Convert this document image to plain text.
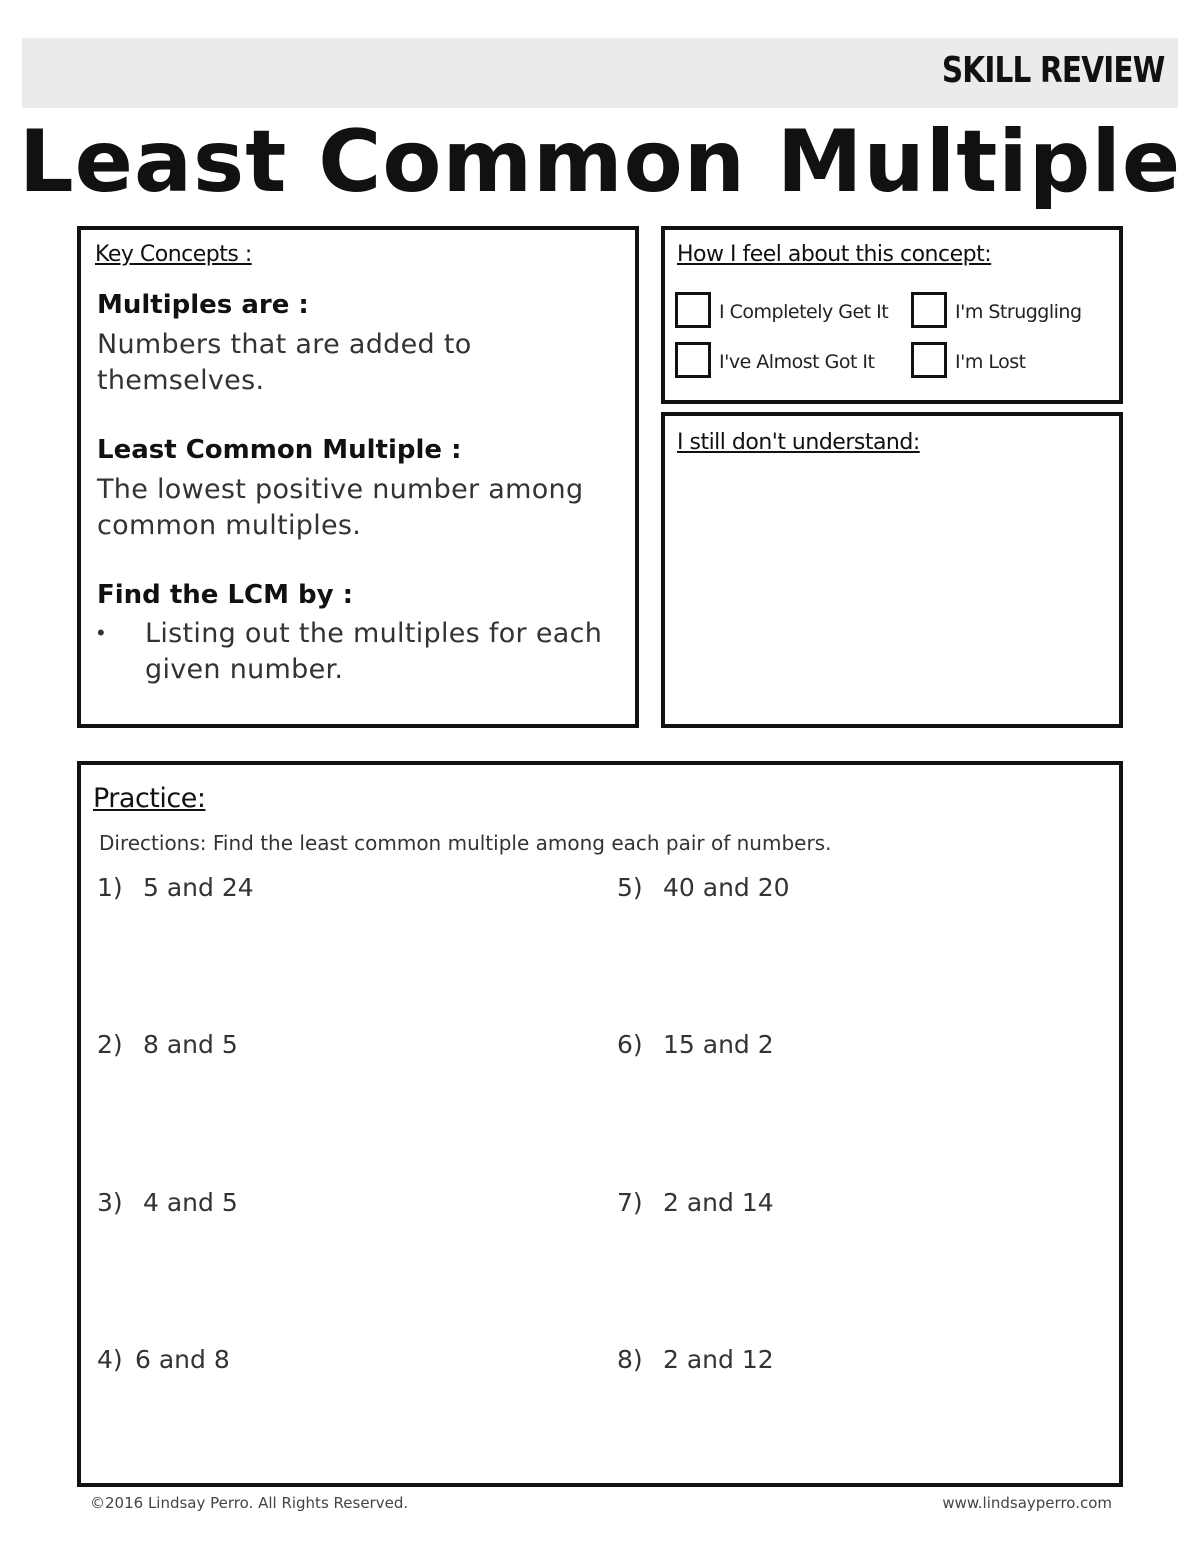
SKILL REVIEW
Least Common Multiple
Key Concepts :
Multiples are :
Numbers that are added to themselves.
Least Common Multiple :
The lowest positive number among common multiples.
Find the LCM by :
• Listing out the multiples for each given number.
How I feel about this concept:
I Completely Get It	I'm Struggling
I've Almost Got It	I'm Lost
I still don't understand:
Practice:
Directions: Find the least common multiple among each pair of numbers.
1) 5 and 24
2) 8 and 5
3) 4 and 5
4) 6 and 8
5) 40 and 20
6) 15 and 2
7) 2 and 14
8) 2 and 12
©2016 Lindsay Perro. All Rights Reserved.	www.lindsayperro.com
